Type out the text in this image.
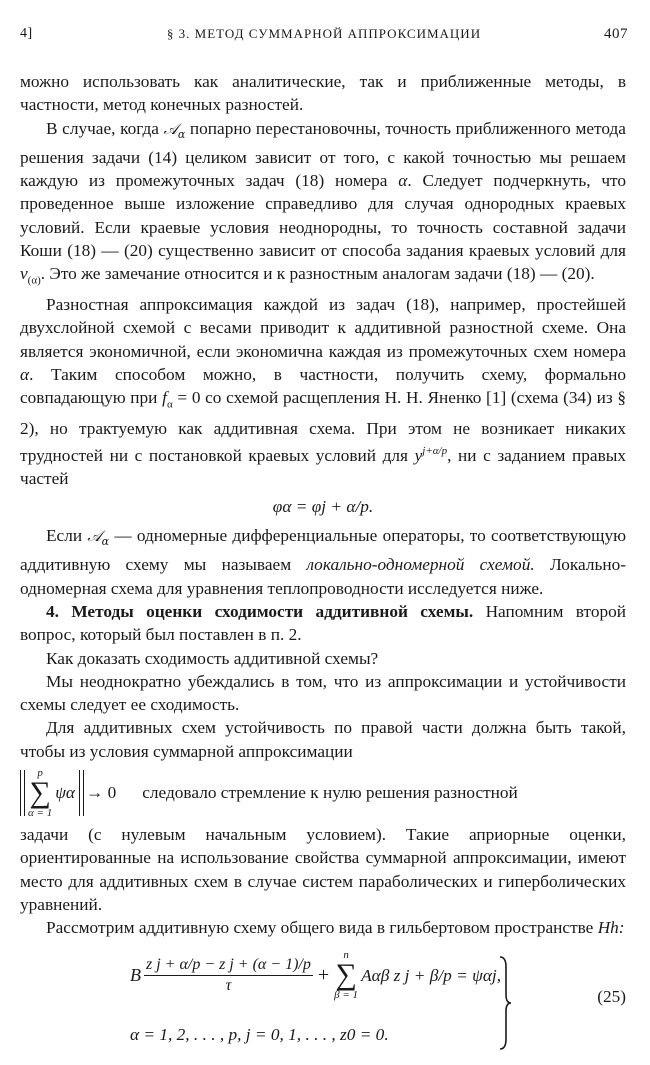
4]	§ 3. МЕТОД СУММАРНОЙ АППРОКСИМАЦИИ	407

можно использовать как аналитические, так и приближенные методы, в частности, метод конечных разностей.

В случае, когда 𝒜$_\alpha$ попарно перестановочны, точность приближенного метода решения задачи (14) целиком зависит от того, с какой точностью мы решаем каждую из промежуточных задач (18) номера α. Следует подчеркнуть, что проведенное выше изложение справедливо для случая однородных краевых условий. Если краевые условия неоднородны, то точность составной задачи Коши (18) — (20) существенно зависит от способа задания краевых условий для $v_{(\alpha)}$. Это же замечание относится и к разностным аналогам задачи (18) — (20).

Разностная аппроксимация каждой из задач (18), например, простейшей двухслойной схемой с весами приводит к аддитивной разностной схеме. Она является экономичной, если экономична каждая из промежуточных схем номера α. Таким способом можно, в частности, получить схему, формально совпадающую при $f_\alpha = 0$ со схемой расщепления Н. Н. Яненко [1] (схема (34) из § 2), но трактуемую как аддитивная схема. При этом не возникает никаких трудностей ни с постановкой краевых условий для $y^{j+\alpha/p}$, ни с заданием правых частей

φα = φj + α/p.

Если 𝒜$_\alpha$ — одномерные дифференциальные операторы, то соответствующую аддитивную схему мы называем локально-одномерной схемой. Локально-одномерная схема для уравнения теплопроводности исследуется ниже.

4. Методы оценки сходимости аддитивной схемы. Напомним второй вопрос, который был поставлен в п. 2.

Как доказать сходимость аддитивной схемы?

Мы неоднократно убеждались в том, что из аппроксимации и устойчивости схемы следует ее сходимость.

Для аддитивных схем устойчивость по правой части должна быть такой, чтобы из условия суммарной аппроксимации

p
∑
α = 1
ψα → 0 следовало стремление к нулю решения разностной

задачи (с нулевым начальным условием). Такие априорные оценки, ориентированные на использование свойства суммарной аппроксимации, имеют место для аддитивных схем в случае систем параболических и гиперболических уравнений.

Рассмотрим аддитивную схему общего вида в гильбертовом пространстве Hh:

B $\frac{\text{z j + α/p − z j + (α − 1)/p}}{\tau}$ +
n
∑
β = 1
Aαβ z j + β/p = ψαj,
α = 1, 2, . . . , p, j = 0, 1, . . . , z0 = 0.
(25)
